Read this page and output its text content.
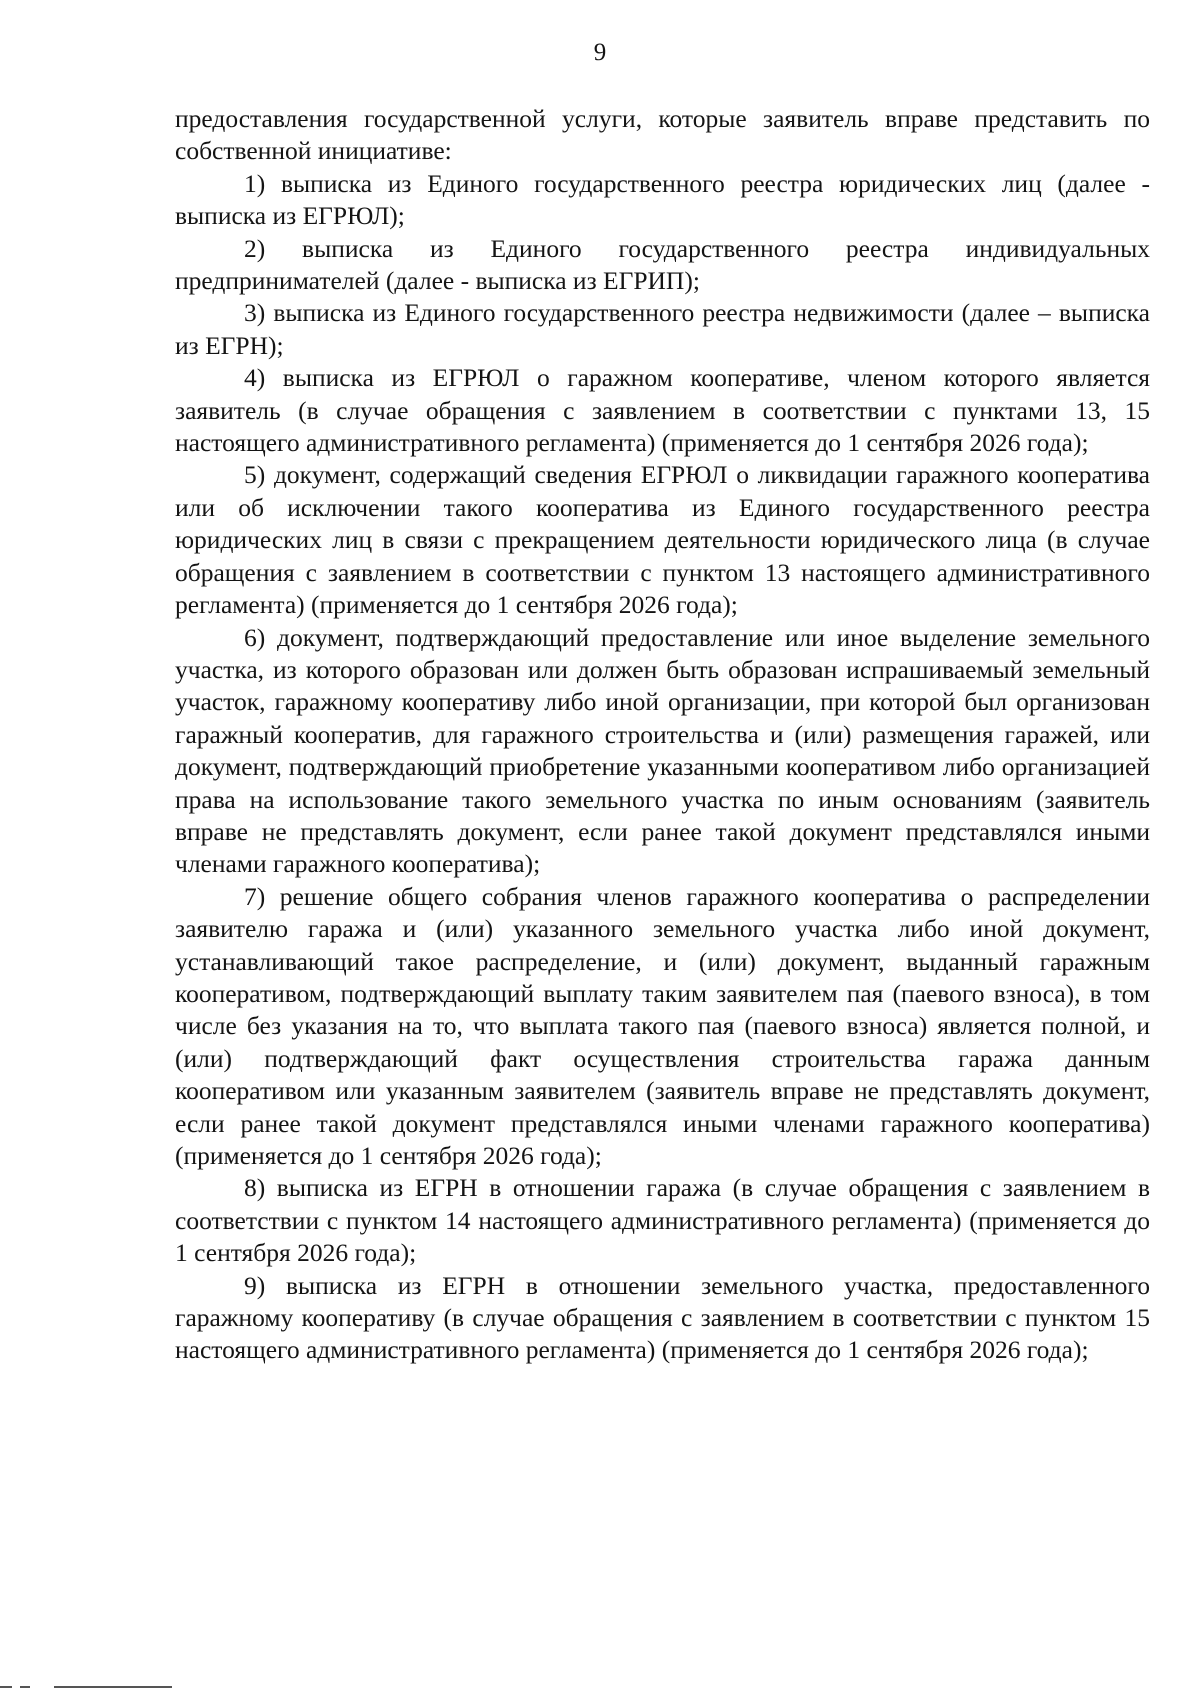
9

предоставления государственной услуги, которые заявитель вправе представить по собственной инициативе:

1) выписка из Единого государственного реестра юридических лиц (далее - выписка из ЕГРЮЛ);

2) выписка из Единого государственного реестра индивидуальных предпринимателей (далее - выписка из ЕГРИП);

3) выписка из Единого государственного реестра недвижимости (далее – выписка из ЕГРН);

4) выписка из ЕГРЮЛ о гаражном кооперативе, членом которого является заявитель (в случае обращения с заявлением в соответствии с пунктами 13, 15 настоящего административного регламента) (применяется до 1 сентября 2026 года);

5) документ, содержащий сведения ЕГРЮЛ о ликвидации гаражного кооператива или об исключении такого кооператива из Единого государственного реестра юридических лиц в связи с прекращением деятельности юридического лица (в случае обращения с заявлением в соответствии с пунктом 13 настоящего административного регламента) (применяется до 1 сентября 2026 года);

6) документ, подтверждающий предоставление или иное выделение земельного участка, из которого образован или должен быть образован испрашиваемый земельный участок, гаражному кооперативу либо иной организации, при которой был организован гаражный кооператив, для гаражного строительства и (или) размещения гаражей, или документ, подтверждающий приобретение указанными кооперативом либо организацией права на использование такого земельного участка по иным основаниям (заявитель вправе не представлять документ, если ранее такой документ представлялся иными членами гаражного кооператива);

7) решение общего собрания членов гаражного кооператива о распределении заявителю гаража и (или) указанного земельного участка либо иной документ, устанавливающий такое распределение, и (или) документ, выданный гаражным кооперативом, подтверждающий выплату таким заявителем пая (паевого взноса), в том числе без указания на то, что выплата такого пая (паевого взноса) является полной, и (или) подтверждающий факт осуществления строительства гаража данным кооперативом или указанным заявителем (заявитель вправе не представлять документ, если ранее такой документ представлялся иными членами гаражного кооператива) (применяется до 1 сентября 2026 года);

8) выписка из ЕГРН в отношении гаража (в случае обращения с заявлением в соответствии с пунктом 14 настоящего административного регламента) (применяется до 1 сентября 2026 года);

9) выписка из ЕГРН в отношении земельного участка, предоставленного гаражному кооперативу (в случае обращения с заявлением в соответствии с пунктом 15 настоящего административного регламента) (применяется до 1 сентября 2026 года);
